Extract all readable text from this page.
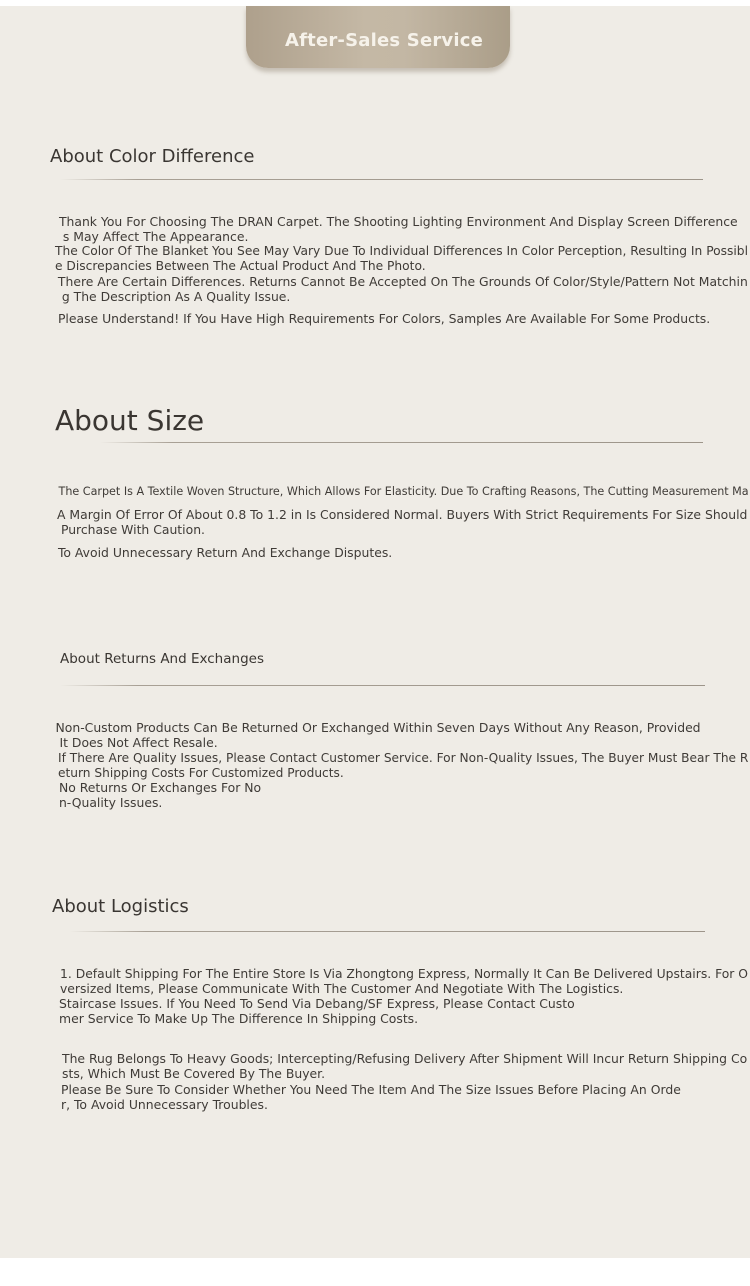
After-Sales Service
About Color Difference
Thank You For Choosing The DRAN Carpet. The Shooting Lighting Environment And Display Screen Difference
s May Affect The Appearance.
The Color Of The Blanket You See May Vary Due To Individual Differences In Color Perception, Resulting In Possibl
e Discrepancies Between The Actual Product And The Photo.
There Are Certain Differences. Returns Cannot Be Accepted On The Grounds Of Color/Style/Pattern Not Matchin
g The Description As A Quality Issue.
Please Understand! If You Have High Requirements For Colors, Samples Are Available For Some Products.
About Size
The Carpet Is A Textile Woven Structure, Which Allows For Elasticity. Due To Crafting Reasons, The Cutting Measurement Ma
A Margin Of Error Of About 0.8 To 1.2 in Is Considered Normal. Buyers With Strict Requirements For Size Should
Purchase With Caution.
To Avoid Unnecessary Return And Exchange Disputes.
About Returns And Exchanges
Non-Custom Products Can Be Returned Or Exchanged Within Seven Days Without Any Reason, Provided
It Does Not Affect Resale.
If There Are Quality Issues, Please Contact Customer Service. For Non-Quality Issues, The Buyer Must Bear The R
eturn Shipping Costs For Customized Products.
No Returns Or Exchanges For No
n-Quality Issues.
About Logistics
1. Default Shipping For The Entire Store Is Via Zhongtong Express, Normally It Can Be Delivered Upstairs. For O
versized Items, Please Communicate With The Customer And Negotiate With The Logistics.
Staircase Issues. If You Need To Send Via Debang/SF Express, Please Contact Custo
mer Service To Make Up The Difference In Shipping Costs.
The Rug Belongs To Heavy Goods; Intercepting/Refusing Delivery After Shipment Will Incur Return Shipping Co
sts, Which Must Be Covered By The Buyer.
Please Be Sure To Consider Whether You Need The Item And The Size Issues Before Placing An Orde
r, To Avoid Unnecessary Troubles.
